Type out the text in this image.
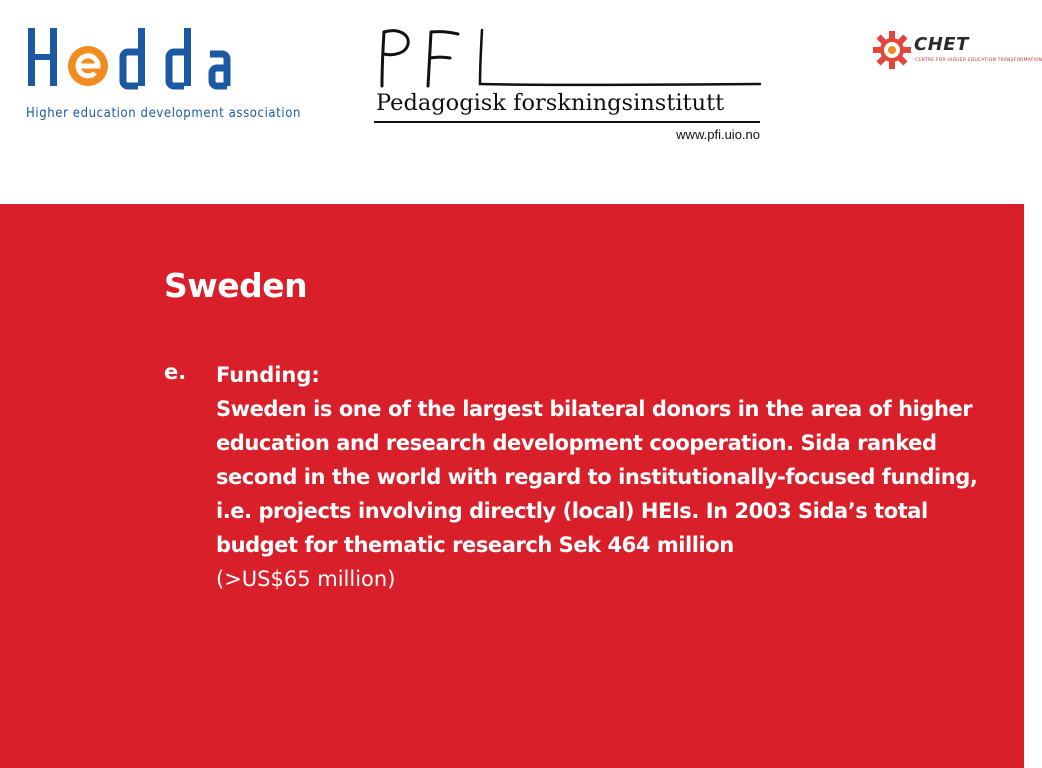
Higher education development association	Pedagogisk forskningsinstitutt
www.pfi.uio.no
CHET
CENTRE FOR HIGHER EDUCATION TRANSFORMATION
Sweden
e. Funding:
Sweden is one of the largest bilateral donors in the area of higher education and research development cooperation. Sida ranked second in the world with regard to institutionally-focused funding, i.e. projects involving directly (local) HEIs. In 2003 Sida’s total budget for thematic research Sek 464 million
(>US$65 million)
